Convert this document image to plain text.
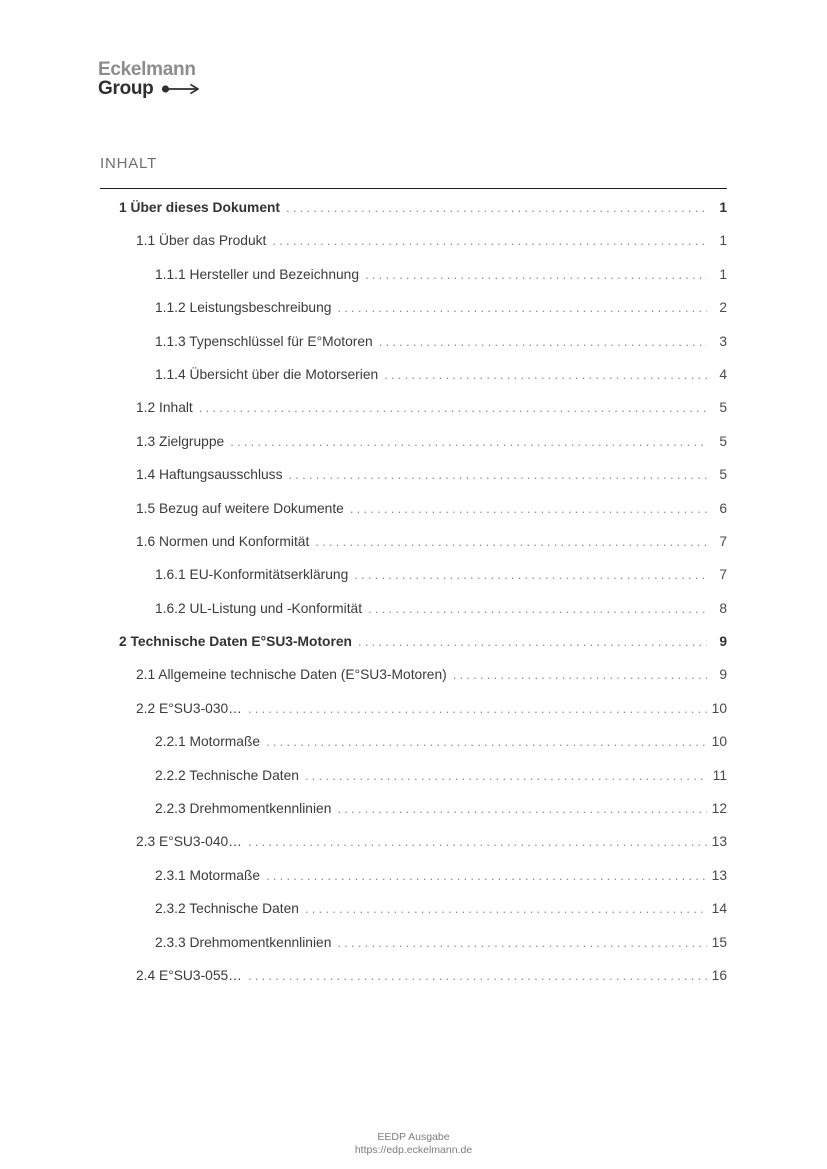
Eckelmann
Group
INHALT
1 Über dieses Dokument .....	1
1.1 Über das Produkt .....	1
1.1.1 Hersteller und Bezeichnung .....	1
1.1.2 Leistungsbeschreibung .....	2
1.1.3 Typenschlüssel für E°Motoren .....	3
1.1.4 Übersicht über die Motorserien .....	4
1.2 Inhalt .....	5
1.3 Zielgruppe .....	5
1.4 Haftungsausschluss .....	5
1.5 Bezug auf weitere Dokumente .....	6
1.6 Normen und Konformität .....	7
1.6.1 EU-Konformitätserklärung .....	7
1.6.2 UL-Listung und -Konformität .....	8
2 Technische Daten E°SU3-Motoren .....	9
2.1 Allgemeine technische Daten (E°SU3-Motoren) .....	9
2.2 E°SU3-030… .....	10
2.2.1 Motormaße .....	10
2.2.2 Technische Daten .....	11
2.2.3 Drehmomentkennlinien .....	12
2.3 E°SU3-040… .....	13
2.3.1 Motormaße .....	13
2.3.2 Technische Daten .....	14
2.3.3 Drehmomentkennlinien .....	15
2.4 E°SU3-055… .....	16
EEDP Ausgabe
https://edp.eckelmann.de
